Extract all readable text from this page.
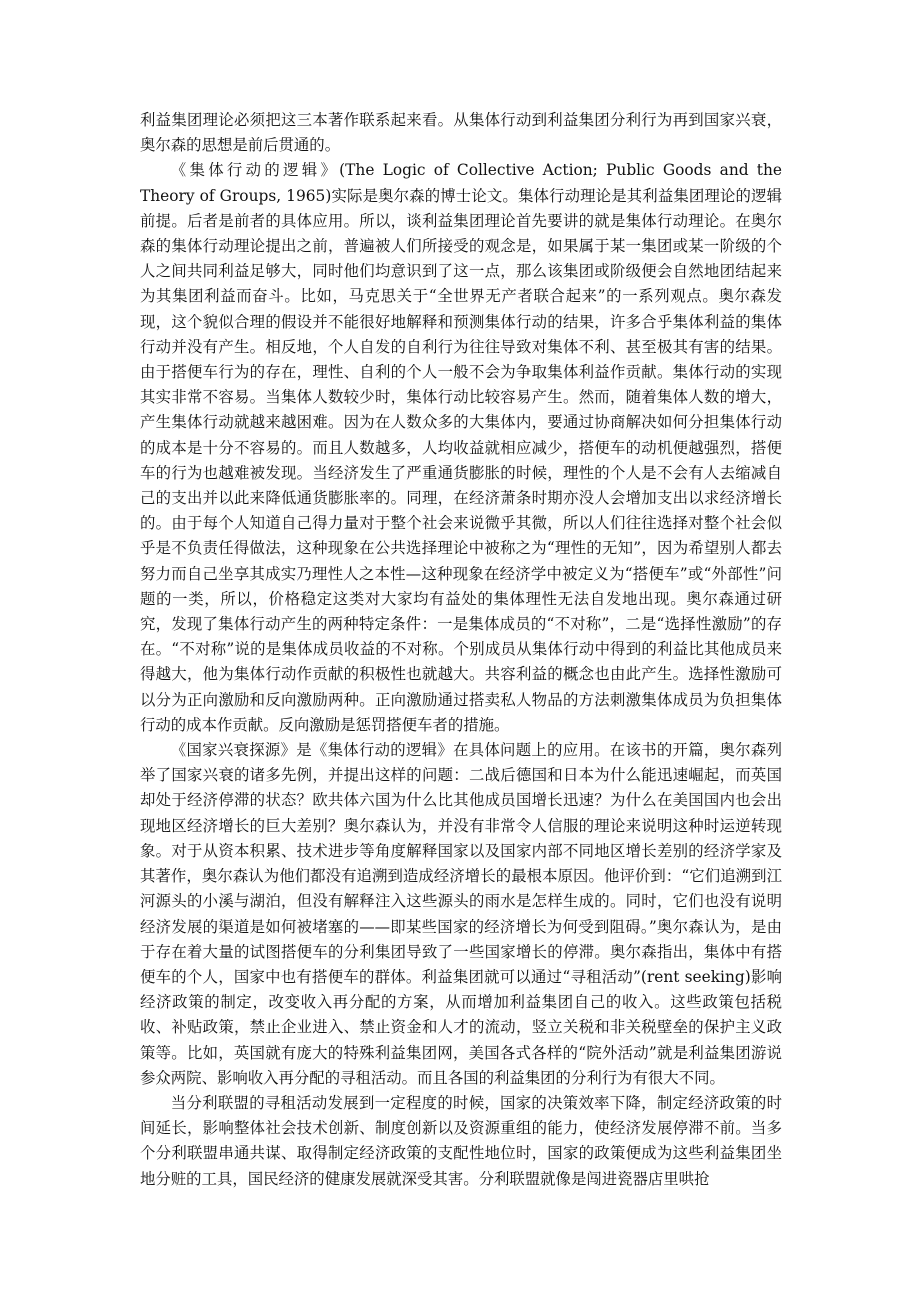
利益集团理论必须把这三本著作联系起来看。从集体行动到利益集团分利行为再到国家兴衰，奥尔森的思想是前后贯通的。

《集体行动的逻辑》(The Logic of Collective Action; Public Goods and the Theory of Groups, 1965)实际是奥尔森的博士论文。集体行动理论是其利益集团理论的逻辑前提。后者是前者的具体应用。所以，谈利益集团理论首先要讲的就是集体行动理论。在奥尔森的集体行动理论提出之前，普遍被人们所接受的观念是，如果属于某一集团或某一阶级的个人之间共同利益足够大，同时他们均意识到了这一点，那么该集团或阶级便会自然地团结起来为其集团利益而奋斗。比如，马克思关于“全世界无产者联合起来”的一系列观点。奥尔森发现，这个貌似合理的假设并不能很好地解释和预测集体行动的结果，许多合乎集体利益的集体行动并没有产生。相反地，个人自发的自利行为往往导致对集体不利、甚至极其有害的结果。由于搭便车行为的存在，理性、自利的个人一般不会为争取集体利益作贡献。集体行动的实现其实非常不容易。当集体人数较少时，集体行动比较容易产生。然而，随着集体人数的增大，产生集体行动就越来越困难。因为在人数众多的大集体内，要通过协商解决如何分担集体行动的成本是十分不容易的。而且人数越多，人均收益就相应减少，搭便车的动机便越强烈，搭便车的行为也越难被发现。当经济发生了严重通货膨胀的时候，理性的个人是不会有人去缩减自己的支出并以此来降低通货膨胀率的。同理，在经济萧条时期亦没人会增加支出以求经济增长的。由于每个人知道自己得力量对于整个社会来说微乎其微，所以人们往往选择对整个社会似乎是不负责任得做法，这种现象在公共选择理论中被称之为“理性的无知”，因为希望别人都去努力而自己坐享其成实乃理性人之本性—这种现象在经济学中被定义为“搭便车”或“外部性”问题的一类，所以，价格稳定这类对大家均有益处的集体理性无法自发地出现。奥尔森通过研究，发现了集体行动产生的两种特定条件：一是集体成员的“不对称”，二是“选择性激励”的存在。“不对称”说的是集体成员收益的不对称。个别成员从集体行动中得到的利益比其他成员来得越大，他为集体行动作贡献的积极性也就越大。共容利益的概念也由此产生。选择性激励可以分为正向激励和反向激励两种。正向激励通过搭卖私人物品的方法刺激集体成员为负担集体行动的成本作贡献。反向激励是惩罚搭便车者的措施。

《国家兴衰探源》是《集体行动的逻辑》在具体问题上的应用。在该书的开篇，奥尔森列举了国家兴衰的诸多先例，并提出这样的问题：二战后德国和日本为什么能迅速崛起，而英国却处于经济停滞的状态？欧共体六国为什么比其他成员国增长迅速？为什么在美国国内也会出现地区经济增长的巨大差别？奥尔森认为，并没有非常令人信服的理论来说明这种时运逆转现象。对于从资本积累、技术进步等角度解释国家以及国家内部不同地区增长差别的经济学家及其著作，奥尔森认为他们都没有追溯到造成经济增长的最根本原因。他评价到：“它们追溯到江河源头的小溪与湖泊，但没有解释注入这些源头的雨水是怎样生成的。同时，它们也没有说明经济发展的渠道是如何被堵塞的——即某些国家的经济增长为何受到阻碍。”奥尔森认为，是由于存在着大量的试图搭便车的分利集团导致了一些国家增长的停滞。奥尔森指出，集体中有搭便车的个人，国家中也有搭便车的群体。利益集团就可以通过“寻租活动”(rent seeking)影响经济政策的制定，改变收入再分配的方案，从而增加利益集团自己的收入。这些政策包括税收、补贴政策，禁止企业进入、禁止资金和人才的流动，竖立关税和非关税壁垒的保护主义政策等。比如，英国就有庞大的特殊利益集团网，美国各式各样的“院外活动”就是利益集团游说参众两院、影响收入再分配的寻租活动。而且各国的利益集团的分利行为有很大不同。

当分利联盟的寻租活动发展到一定程度的时候，国家的决策效率下降，制定经济政策的时间延长，影响整体社会技术创新、制度创新以及资源重组的能力，使经济发展停滞不前。当多个分利联盟串通共谋、取得制定经济政策的支配性地位时，国家的政策便成为这些利益集团坐地分赃的工具，国民经济的健康发展就深受其害。分利联盟就像是闯进瓷器店里哄抢
